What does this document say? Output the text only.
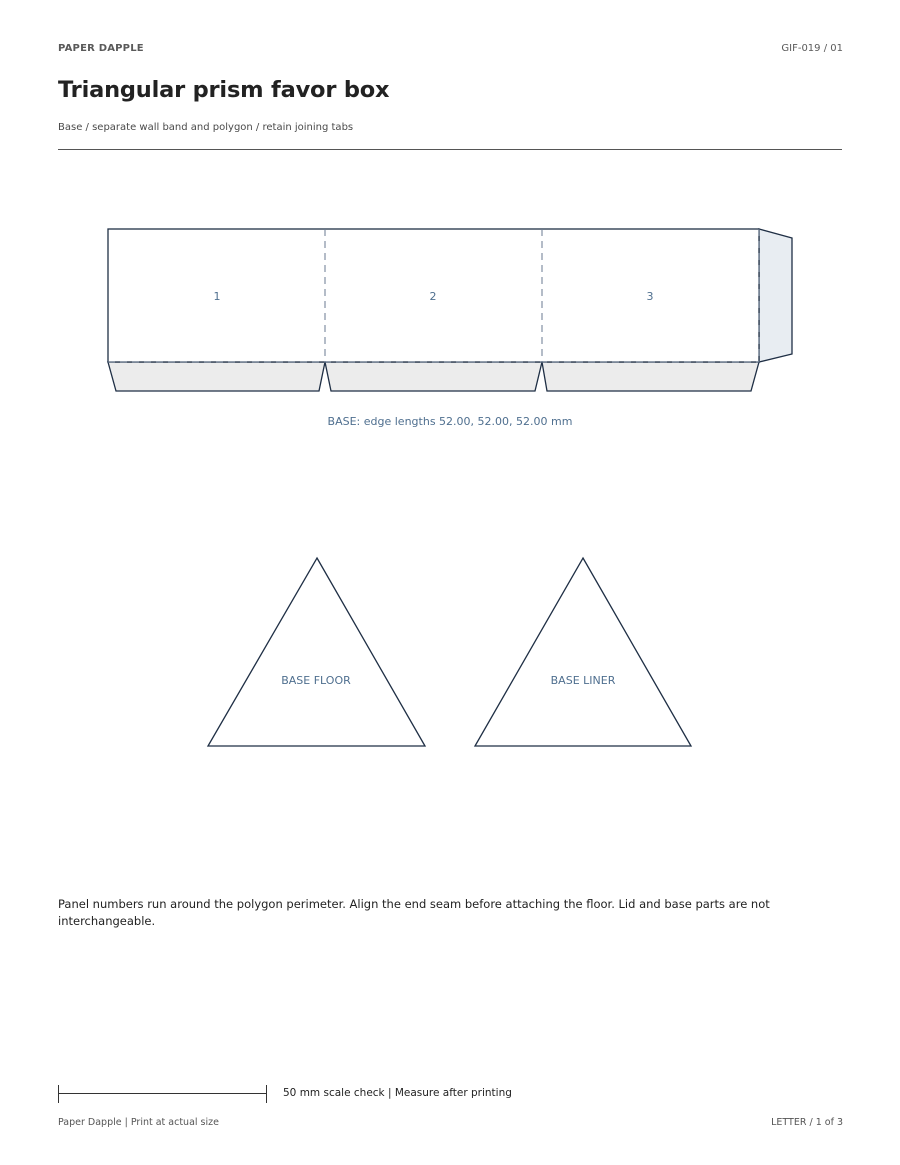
PAPER DAPPLE	GIF-019 / 01
Triangular prism favor box
Base / separate wall band and polygon / retain joining tabs
1	2	3
BASE: edge lengths 52.00, 52.00, 52.00 mm
BASE FLOOR	BASE LINER
Panel numbers run around the polygon perimeter. Align the end seam before attaching the floor. Lid and base parts are not interchangeable.
50 mm scale check | Measure after printing
Paper Dapple | Print at actual size	LETTER / 1 of 3
